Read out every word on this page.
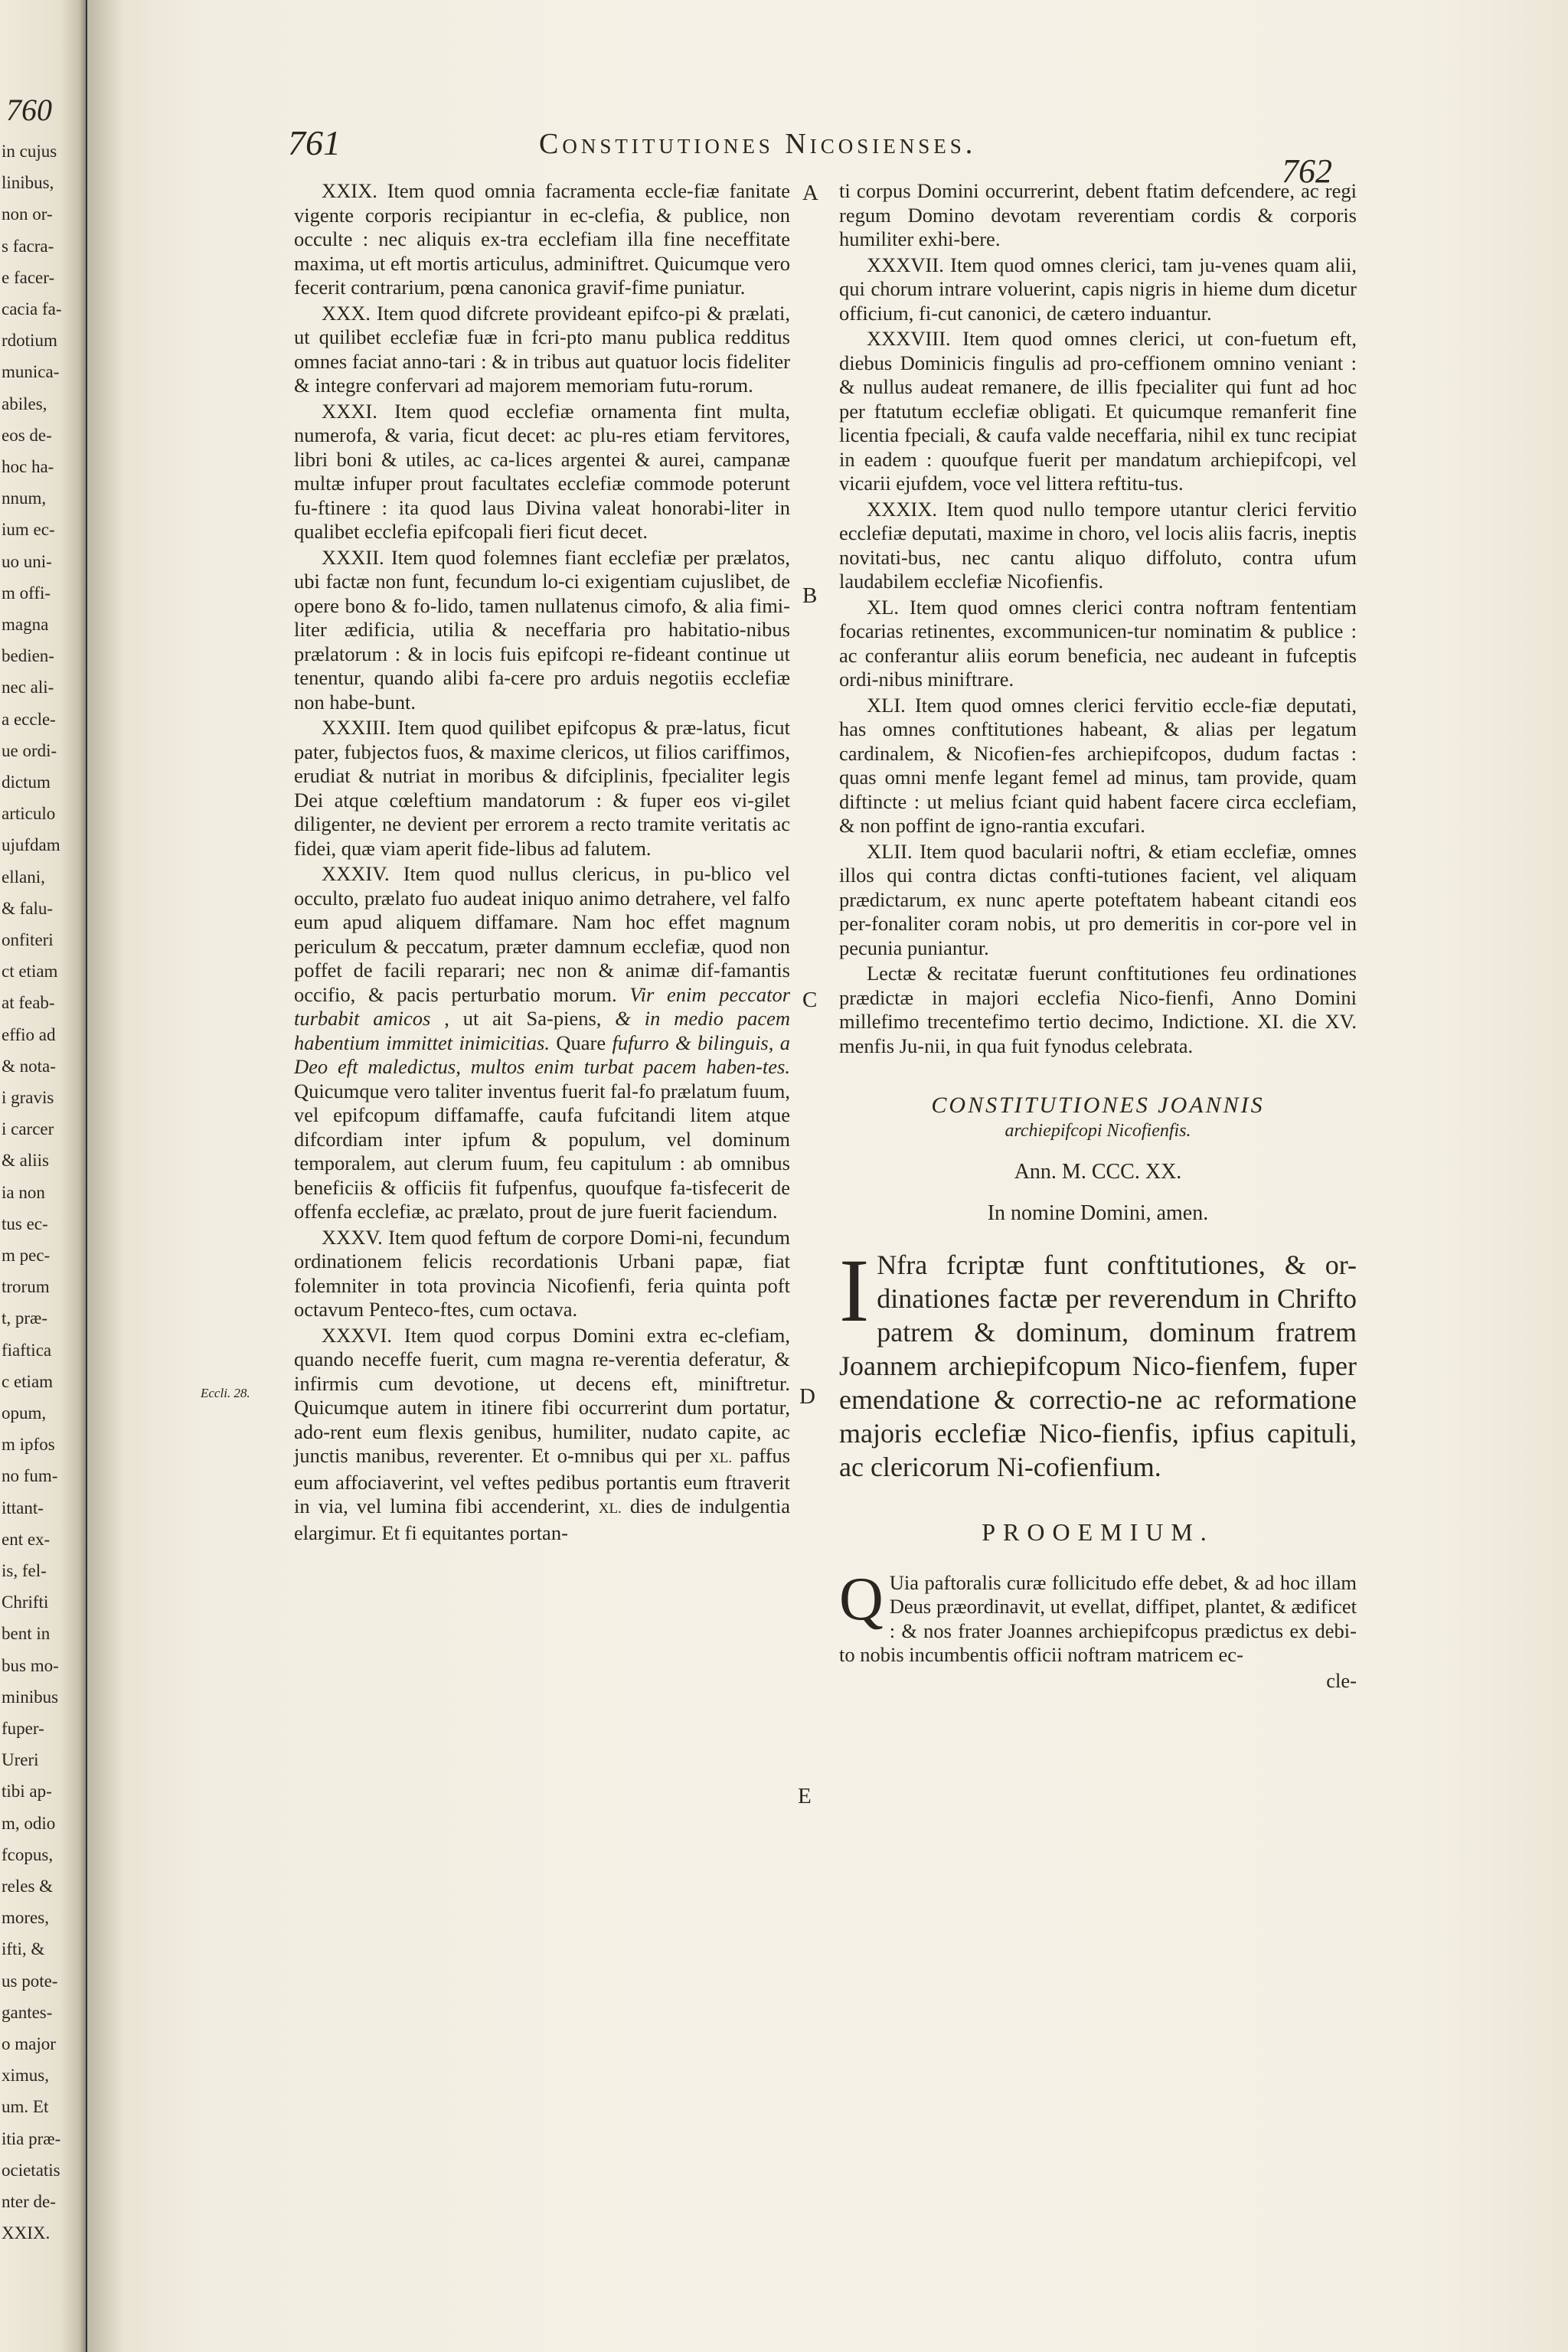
760
in cujus
linibus,
non or-
s facra-
e facer-
cacia fa-
rdotium
munica-
abiles,
eos de-
hoc ha-
nnum,
ium ec-
uo uni-
m offi-
magna
bedien-
nec ali-
a eccle-
ue ordi-
dictum
articulo
ujufdam
ellani,
& falu-
onfiteri
ct etiam
at feab-
effio ad
& nota-
i gravis
i carcer
& aliis
ia non
tus ec-
m pec-
trorum
t, præ-
fiaftica
c etiam
opum,
m ipfos
no fum-
ittant-
ent ex-
is, fel-
Chrifti
bent in
bus mo-
minibus
fuper-
Ureri
tibi ap-
m, odio
fcopus,
reles &
mores,
ifti, &
us pote-
gantes-
o major
ximus,
um. Et
itia præ-
ocietatis
nter de-
XXIX.
761	Constitutiones Nicosienses.
762
A
B
C
D
E
Eccli. 28.

XXIX. Item quod omnia facramenta eccle-fiæ fanitate vigente corporis recipiantur in ec-clefia, & publice, non occulte : nec aliquis ex-tra ecclefiam illa fine neceffitate maxima, ut eft mortis articulus, adminiftret. Quicumque vero fecerit contrarium, pœna canonica gravif-fime puniatur.

XXX. Item quod difcrete provideant epifco-pi & prælati, ut quilibet ecclefiæ fuæ in fcri-pto manu publica redditus omnes faciat anno-tari : & in tribus aut quatuor locis fideliter & integre confervari ad majorem memoriam futu-rorum.

XXXI. Item quod ecclefiæ ornamenta fint multa, numerofa, & varia, ficut decet: ac plu-res etiam fervitores, libri boni & utiles, ac ca-lices argentei & aurei, campanæ multæ infuper prout facultates ecclefiæ commode poterunt fu-ftinere : ita quod laus Divina valeat honorabi-liter in qualibet ecclefia epifcopali fieri ficut decet.

XXXII. Item quod folemnes fiant ecclefiæ per prælatos, ubi factæ non funt, fecundum lo-ci exigentiam cujuslibet, de opere bono & fo-lido, tamen nullatenus cimofo, & alia fimi-liter ædificia, utilia & neceffaria pro habitatio-nibus prælatorum : & in locis fuis epifcopi re-fideant continue ut tenentur, quando alibi fa-cere pro arduis negotiis ecclefiæ non habe-bunt.

XXXIII. Item quod quilibet epifcopus & præ-latus, ficut pater, fubjectos fuos, & maxime clericos, ut filios cariffimos, erudiat & nutriat in moribus & difciplinis, fpecialiter legis Dei atque cœleftium mandatorum : & fuper eos vi-gilet diligenter, ne devient per errorem a recto tramite veritatis ac fidei, quæ viam aperit fide-libus ad falutem.

XXXIV. Item quod nullus clericus, in pu-blico vel occulto, prælato fuo audeat iniquo animo detrahere, vel falfo eum apud aliquem diffamare. Nam hoc effet magnum periculum & peccatum, præter damnum ecclefiæ, quod non poffet de facili reparari; nec non & animæ dif-famantis occifio, & pacis perturbatio morum. Vir enim peccator turbabit amicos , ut ait Sa-piens, & in medio pacem habentium immittet inimicitias. Quare fufurro & bilinguis, a Deo eft maledictus, multos enim turbat pacem haben-tes. Quicumque vero taliter inventus fuerit fal-fo prælatum fuum, vel epifcopum diffamaffe, caufa fufcitandi litem atque difcordiam inter ipfum & populum, vel dominum temporalem, aut clerum fuum, feu capitulum : ab omnibus beneficiis & officiis fit fufpenfus, quoufque fa-tisfecerit de offenfa ecclefiæ, ac prælato, prout de jure fuerit faciendum.

XXXV. Item quod feftum de corpore Domi-ni, fecundum ordinationem felicis recordationis Urbani papæ, fiat folemniter in tota provincia Nicofienfi, feria quinta poft octavum Penteco-ftes, cum octava.

XXXVI. Item quod corpus Domini extra ec-clefiam, quando neceffe fuerit, cum magna re-verentia deferatur, & infirmis cum devotione, ut decens eft, miniftretur. Quicumque autem in itinere fibi occurrerint dum portatur, ado-rent eum flexis genibus, humiliter, nudato capite, ac junctis manibus, reverenter. Et o-mnibus qui per XL. paffus eum affociaverint, vel veftes pedibus portantis eum ftraverit in via, vel lumina fibi accenderint, XL. dies de indulgentia elargimur. Et fi equitantes portan-

ti corpus Domini occurrerint, debent ftatim defcendere, ac regi regum Domino devotam reverentiam cordis & corporis humiliter exhi-bere.

XXXVII. Item quod omnes clerici, tam ju-venes quam alii, qui chorum intrare voluerint, capis nigris in hieme dum dicetur officium, fi-cut canonici, de cætero induantur.

XXXVIII. Item quod omnes clerici, ut con-fuetum eft, diebus Dominicis fingulis ad pro-ceffionem omnino veniant : & nullus audeat remanere, de illis fpecialiter qui funt ad hoc per ftatutum ecclefiæ obligati. Et quicumque remanferit fine licentia fpeciali, & caufa valde neceffaria, nihil ex tunc recipiat in eadem : quoufque fuerit per mandatum archiepifcopi, vel vicarii ejufdem, voce vel littera reftitu-tus.

XXXIX. Item quod nullo tempore utantur clerici fervitio ecclefiæ deputati, maxime in choro, vel locis aliis facris, ineptis novitati-bus, nec cantu aliquo diffoluto, contra ufum laudabilem ecclefiæ Nicofienfis.

XL. Item quod omnes clerici contra noftram fententiam focarias retinentes, excommunicen-tur nominatim & publice : ac conferantur aliis eorum beneficia, nec audeant in fufceptis ordi-nibus miniftrare.

XLI. Item quod omnes clerici fervitio eccle-fiæ deputati, has omnes conftitutiones habeant, & alias per legatum cardinalem, & Nicofien-fes archiepifcopos, dudum factas : quas omni menfe legant femel ad minus, tam provide, quam diftincte : ut melius fciant quid habent facere circa ecclefiam, & non poffint de igno-rantia excufari.

XLII. Item quod bacularii noftri, & etiam ecclefiæ, omnes illos qui contra dictas confti-tutiones facient, vel aliquam prædictarum, ex nunc aperte poteftatem habeant citandi eos per-fonaliter coram nobis, ut pro demeritis in cor-pore vel in pecunia puniantur.

Lectæ & recitatæ fuerunt conftitutiones feu ordinationes prædictæ in majori ecclefia Nico-fienfi, Anno Domini millefimo trecentefimo tertio decimo, Indictione. XI. die XV. menfis Ju-nii, in qua fuit fynodus celebrata.

CONSTITUTIONES JOANNIS
archiepifcopi Nicofienfis.
Ann. M. CCC. XX.
In nomine Domini, amen.
I Nfra fcriptæ funt conftitutiones, & or-dinationes factæ per reverendum in Chrifto patrem & dominum, dominum fratrem Joannem archiepifcopum Nico-fienfem, fuper emendatione & correctio-ne ac reformatione majoris ecclefiæ Nico-fienfis, ipfius capituli, ac clericorum Ni-cofienfium.
PROOEMIUM.
Q Uia paftoralis curæ follicitudo effe debet, & ad hoc illam Deus præordinavit, ut evellat, diffipet, plantet, & ædificet : & nos frater Joannes archiepifcopus prædictus ex debi-to nobis incumbentis officii noftram matricem ec-
cle-
